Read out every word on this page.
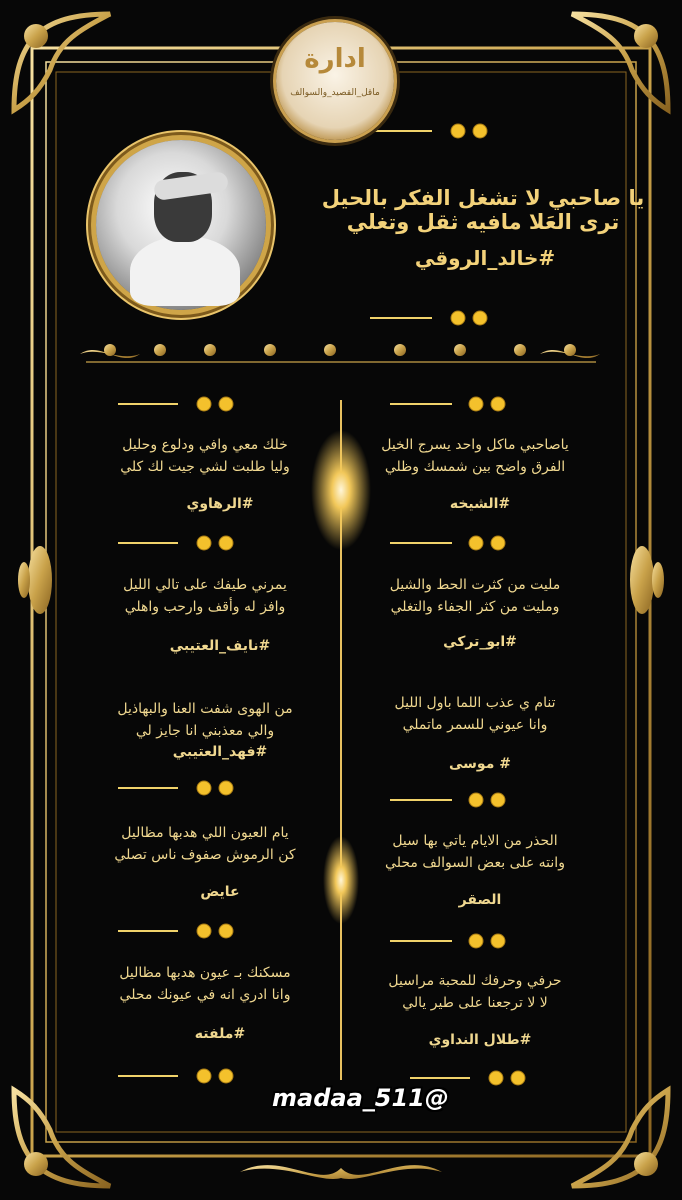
ادارة
ماقل_القصيد_والسوالف
يا صاحبي لا تشغل الفكر بالحيل
ترى العَلا مافيه ثقل وتغلي
#خالد_الروقي
خلك معي وافي ودلوع وحليل
وليا طلبت لشي جيت لك كلي
#الرهاوي
يمرني طيفك على تالي الليل
وافز له وأقف وارحب واهلي
#نايف_العتيبي
من الهوى شفت العنا والبهاذيل
والي معذبني انا جايز لي
#فهد_العتيبي
يام العيون اللي هدبها مظاليل
كن الرموش صفوف ناس تصلي
عايض
مسكنك بـ عيون هدبها مظاليل
وانا ادري انه في عيونك محلي
#ملفته
ياصاحبي ماكل واحد يسرج الخيل
الفرق واضح بين شمسك وظلي
#الشيخه
مليت من كثرت الحط والشيل
ومليت من كثر الجفاء والتغلي
#ابو_تركي
تنام ي عذب اللما باول الليل
وانا عيوني للسمر ماتملي
# موسى
الحذر من الايام ياتي بها سيل
وانته على بعض السوالف محلي
الصقر
حرفي وحرفك للمحبة مراسيل
لا لا ترجعنا على طير يالي
#طلال النداوي
madaa_511@
